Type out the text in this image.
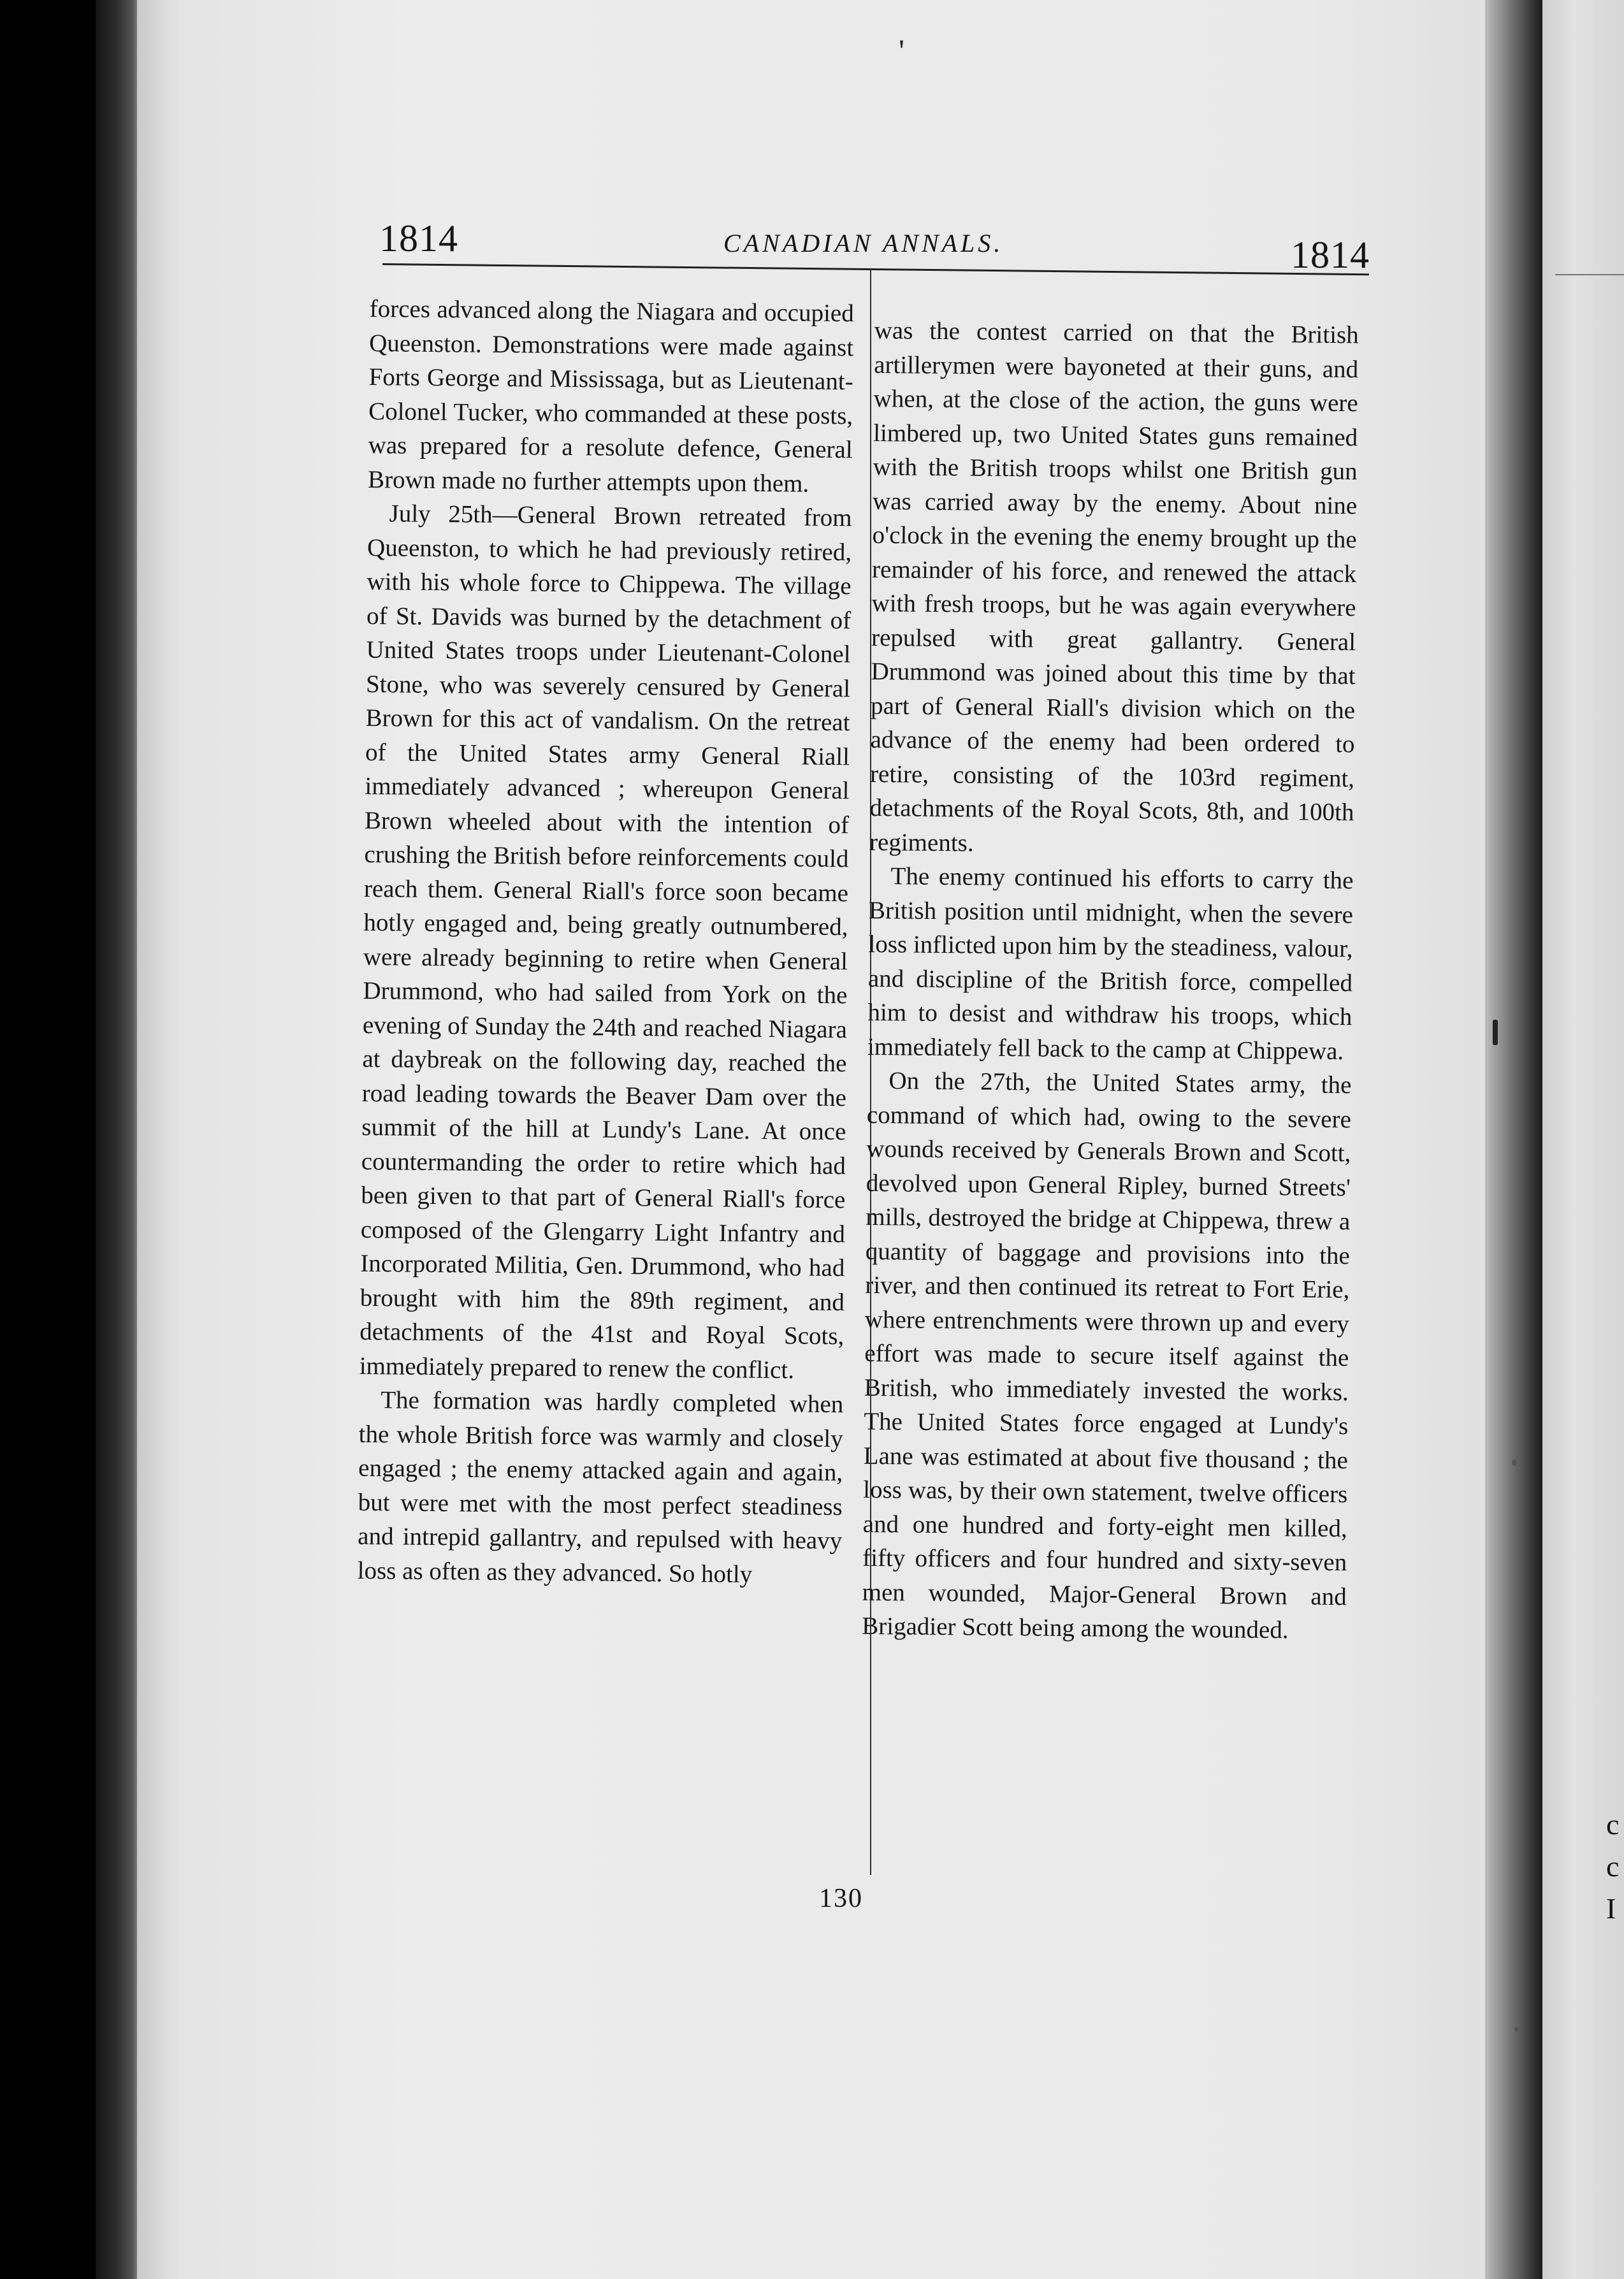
c
c
I
'
1814	CANADIAN ANNALS.	1814

forces advanced along the Niagara and occupied Queenston. Demonstrations were made against Forts George and Mississaga, but as Lieutenant-Colonel Tucker, who commanded at these posts, was prepared for a resolute defence, General Brown made no further attempts upon them.

July 25th—General Brown retreated from Queenston, to which he had previously retired, with his whole force to Chippewa. The village of St. Davids was burned by the detachment of United States troops under Lieutenant-Colonel Stone, who was severely censured by General Brown for this act of vandalism. On the retreat of the United States army General Riall immediately advanced ; whereupon General Brown wheeled about with the intention of crushing the British before reinforcements could reach them. General Riall's force soon became hotly engaged and, being greatly outnumbered, were already beginning to retire when General Drummond, who had sailed from York on the evening of Sunday the 24th and reached Niagara at daybreak on the following day, reached the road leading towards the Beaver Dam over the summit of the hill at Lundy's Lane. At once countermanding the order to retire which had been given to that part of General Riall's force composed of the Glengarry Light Infantry and Incorporated Militia, Gen. Drummond, who had brought with him the 89th regiment, and detachments of the 41st and Royal Scots, immediately prepared to renew the conflict.

The formation was hardly completed when the whole British force was warmly and closely engaged ; the enemy attacked again and again, but were met with the most perfect steadiness and intrepid gallantry, and repulsed with heavy loss as often as they advanced. So hotly

was the contest carried on that the British artillerymen were bayoneted at their guns, and when, at the close of the action, the guns were limbered up, two United States guns remained with the British troops whilst one British gun was carried away by the enemy. About nine o'clock in the evening the enemy brought up the remainder of his force, and renewed the attack with fresh troops, but he was again everywhere repulsed with great gallantry. General Drummond was joined about this time by that part of General Riall's division which on the advance of the enemy had been ordered to retire, consisting of the 103rd regiment, detachments of the Royal Scots, 8th, and 100th regiments.

The enemy continued his efforts to carry the British position until midnight, when the severe loss inflicted upon him by the steadiness, valour, and discipline of the British force, compelled him to desist and withdraw his troops, which immediately fell back to the camp at Chippewa.

On the 27th, the United States army, the command of which had, owing to the severe wounds received by Generals Brown and Scott, devolved upon General Ripley, burned Streets' mills, destroyed the bridge at Chippewa, threw a quantity of baggage and provisions into the river, and then continued its retreat to Fort Erie, where entrenchments were thrown up and every effort was made to secure itself against the British, who immediately invested the works. The United States force engaged at Lundy's Lane was estimated at about five thousand ; the loss was, by their own statement, twelve officers and one hundred and forty-eight men killed, fifty officers and four hundred and sixty-seven men wounded, Major-General Brown and Brigadier Scott being among the wounded.

130
